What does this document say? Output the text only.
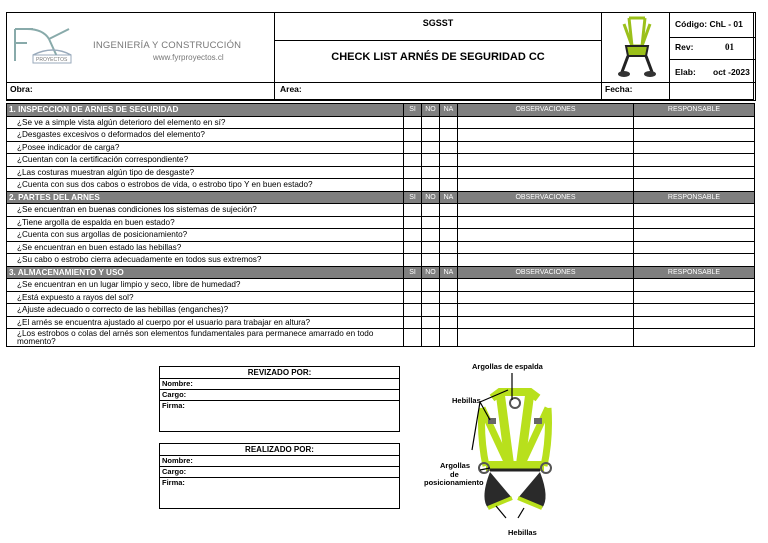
PROYECTOS
INGENIERÍA Y CONSTRUCCIÓN
www.fyrproyectos.cl
SGSST
CHECK LIST ARNÉS DE SEGURIDAD CC
Código: ChL - 01
Rev:	01
Elab: oct -2023
Obra:	Area:	Fecha:
1. INSPECCION DE ARNES DE SEGURIDAD	SI	NO	NA	OBSERVACIONES	RESPONSABLE
¿Se ve a simple vista algún deterioro del elemento en sí?					
¿Desgastes excesivos o deformados del elemento?					
¿Posee indicador de carga?					
¿Cuentan con la certificación correspondiente?					
¿Las costuras muestran algún tipo de desgaste?					
¿Cuenta con sus dos cabos o estrobos de vida, o estrobo tipo Y en buen estado?					
2. PARTES DEL ARNES	SI	NO	NA	OBSERVACIONES	RESPONSABLE
¿Se encuentran en buenas condiciones los sistemas de sujeción?					
¿Tiene argolla de espalda en buen estado?					
¿Cuenta con sus argollas de posicionamiento?					
¿Se encuentran en buen estado las hebillas?					
¿Su cabo o estrobo cierra adecuadamente en todos sus extremos?					
3. ALMACENAMIENTO Y USO	SI	NO	NA	OBSERVACIONES	RESPONSABLE
¿Se encuentran en un lugar limpio y seco, libre de humedad?					
¿Está expuesto a rayos del sol?					
¿Ajuste adecuado o correcto de las hebillas (enganches)?					
¿El arnés se encuentra ajustado al cuerpo por el usuario para trabajar en altura?					
¿Los estrobos o colas del arnés son elementos fundamentales para permanece amarrado en todo momento?					
REVIZADO POR:
Nombre:
Cargo:
Firma:
REALIZADO POR:
Nombre:
Cargo:
Firma:
Argollas de espalda
Hebillas
Argollas
de
posicionamiento
Hebillas
